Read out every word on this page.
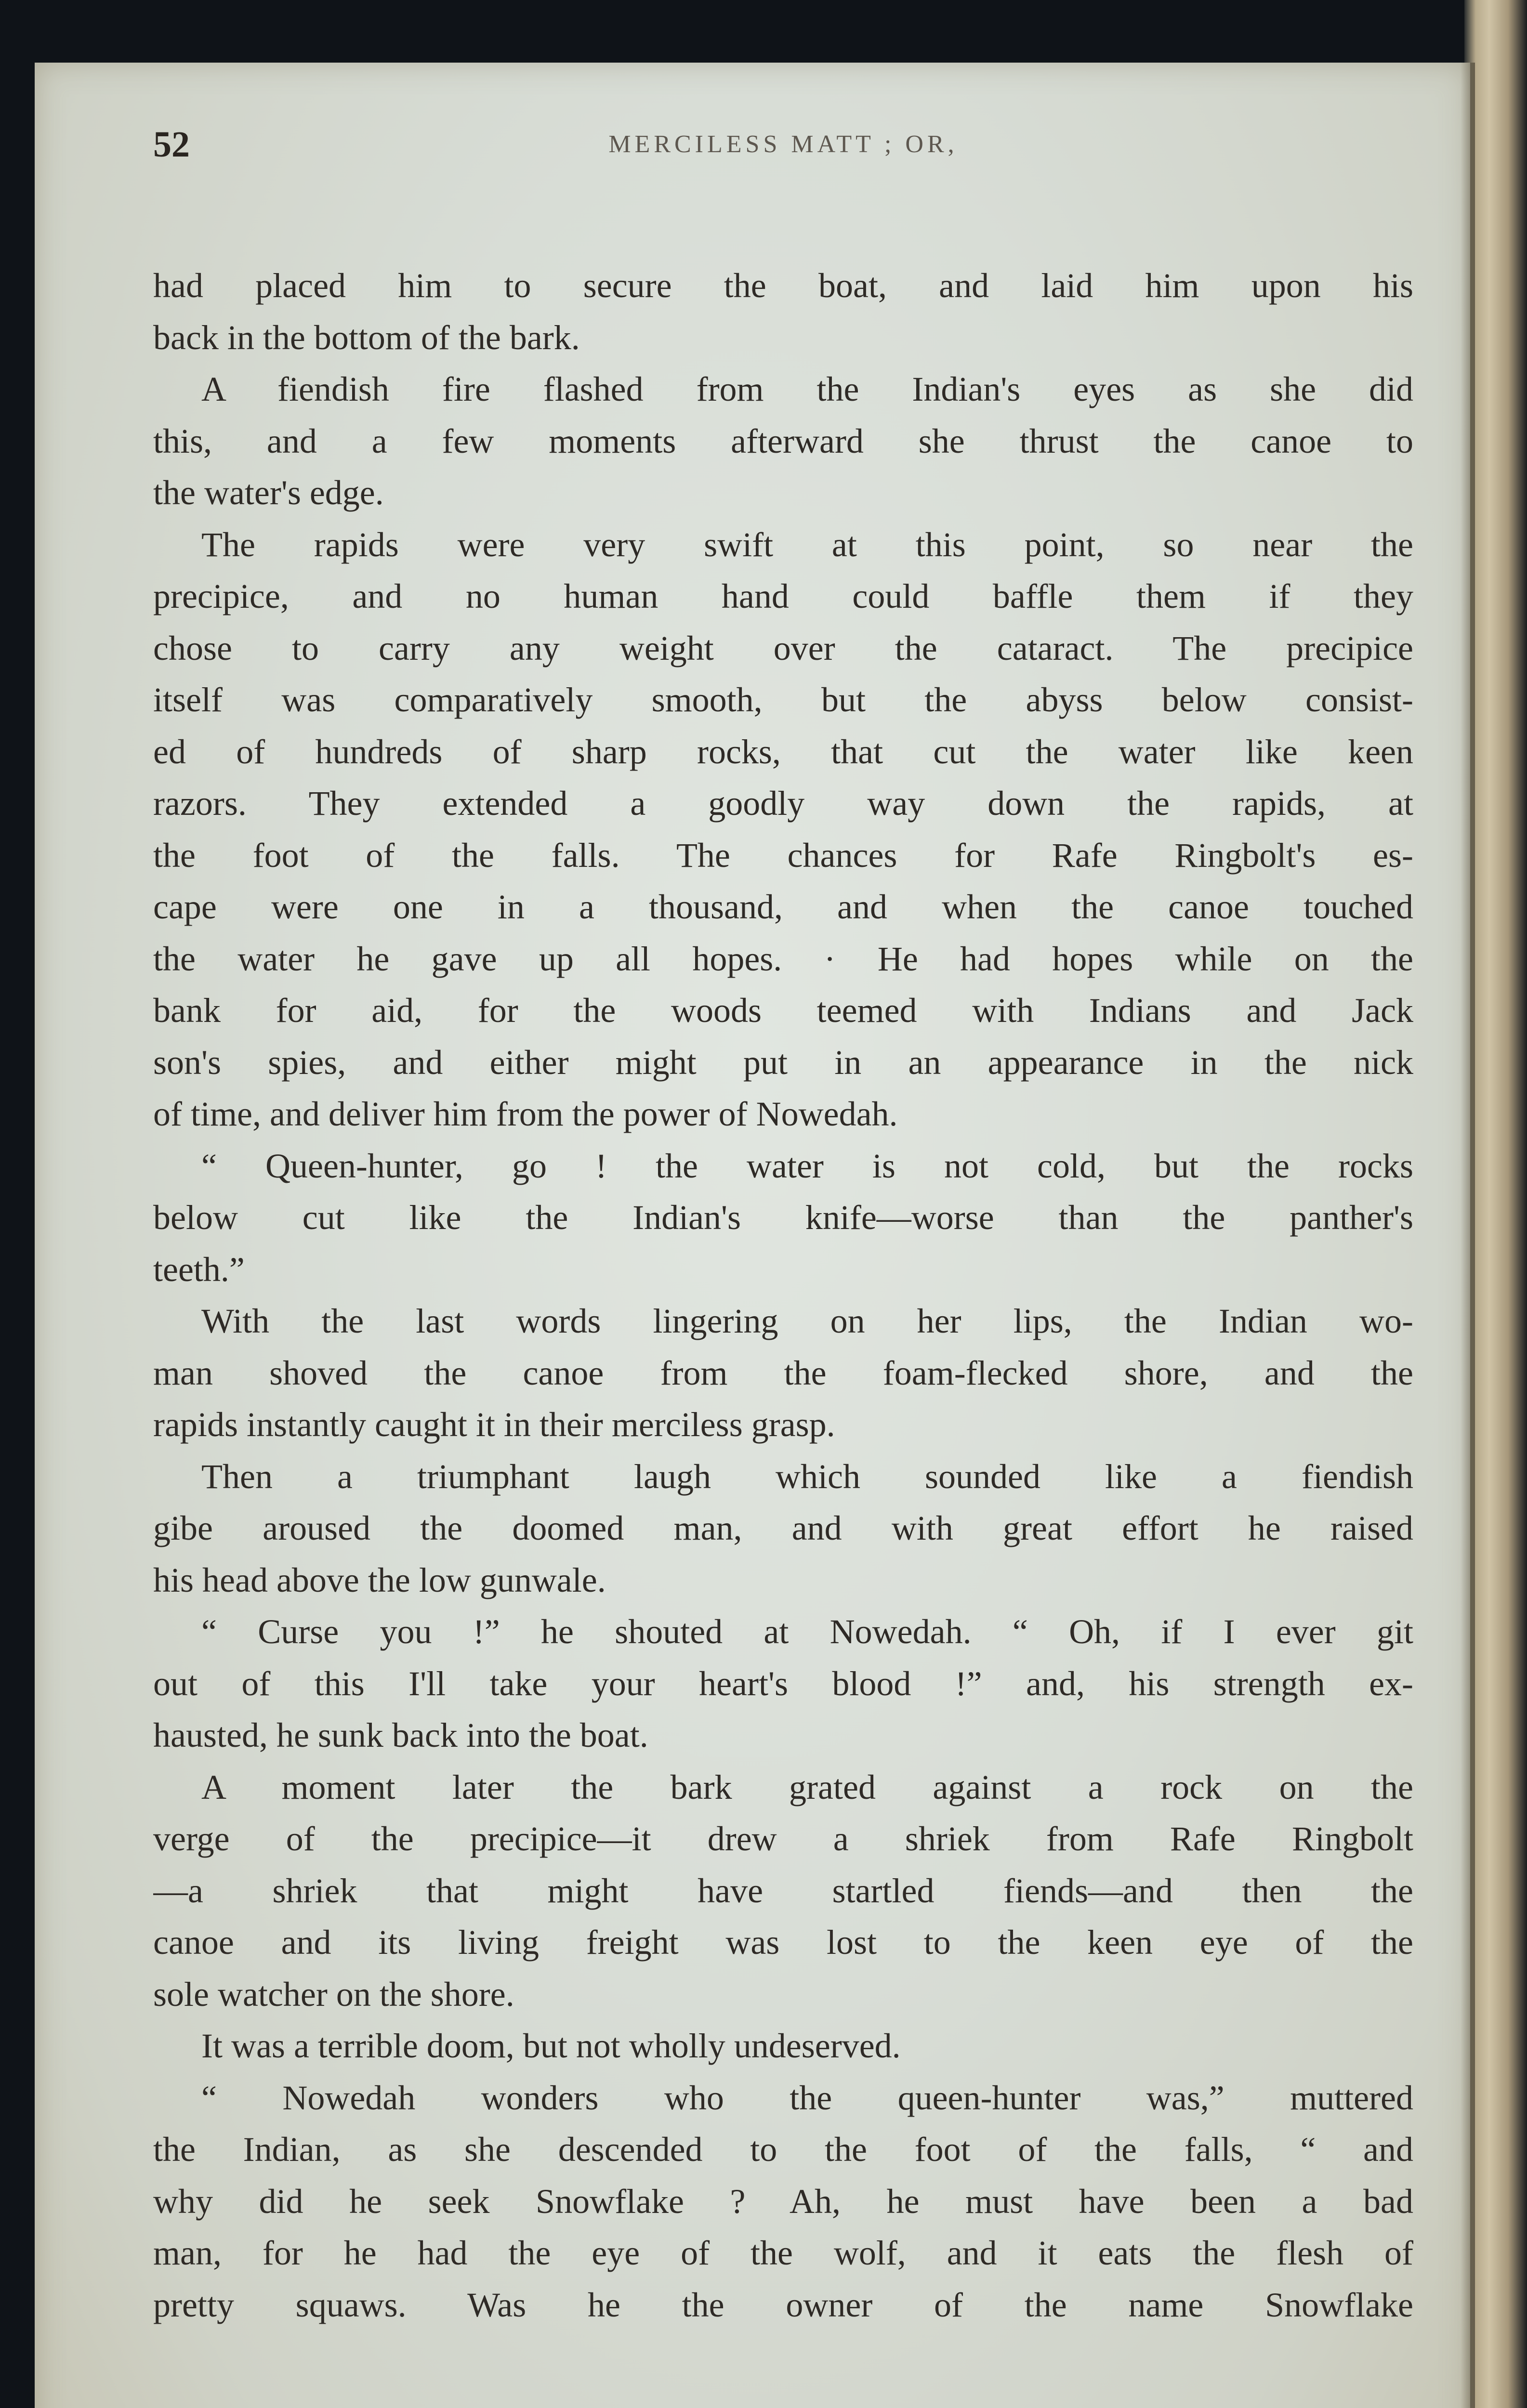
52	MERCILESS MATT ; OR,
had placed him to secure the boat, and laid him upon his
back in the bottom of the bark.
A fiendish fire flashed from the Indian's eyes as she did
this, and a few moments afterward she thrust the canoe to
the water's edge.
The rapids were very swift at this point, so near the
precipice, and no human hand could baffle them if they
chose to carry any weight over the cataract. The precipice
itself was comparatively smooth, but the abyss below consist-
ed of hundreds of sharp rocks, that cut the water like keen
razors. They extended a goodly way down the rapids, at
the foot of the falls. The chances for Rafe Ringbolt's es-
cape were one in a thousand, and when the canoe touched
the water he gave up all hopes. · He had hopes while on the
bank for aid, for the woods teemed with Indians and Jack
son's spies, and either might put in an appearance in the nick
of time, and deliver him from the power of Nowedah.
“ Queen-hunter, go ! the water is not cold, but the rocks
below cut like the Indian's knife—worse than the panther's
teeth.”
With the last words lingering on her lips, the Indian wo-
man shoved the canoe from the foam-flecked shore, and the
rapids instantly caught it in their merciless grasp.
Then a triumphant laugh which sounded like a fiendish
gibe aroused the doomed man, and with great effort he raised
his head above the low gunwale.
“ Curse you !” he shouted at Nowedah. “ Oh, if I ever git
out of this I'll take your heart's blood !” and, his strength ex-
hausted, he sunk back into the boat.
A moment later the bark grated against a rock on the
verge of the precipice—it drew a shriek from Rafe Ringbolt
—a shriek that might have startled fiends—and then the
canoe and its living freight was lost to the keen eye of the
sole watcher on the shore.
It was a terrible doom, but not wholly undeserved.
“ Nowedah wonders who the queen-hunter was,” muttered
the Indian, as she descended to the foot of the falls, “ and
why did he seek Snowflake ? Ah, he must have been a bad
man, for he had the eye of the wolf, and it eats the flesh of
pretty squaws. Was he the owner of the name Snowflake
